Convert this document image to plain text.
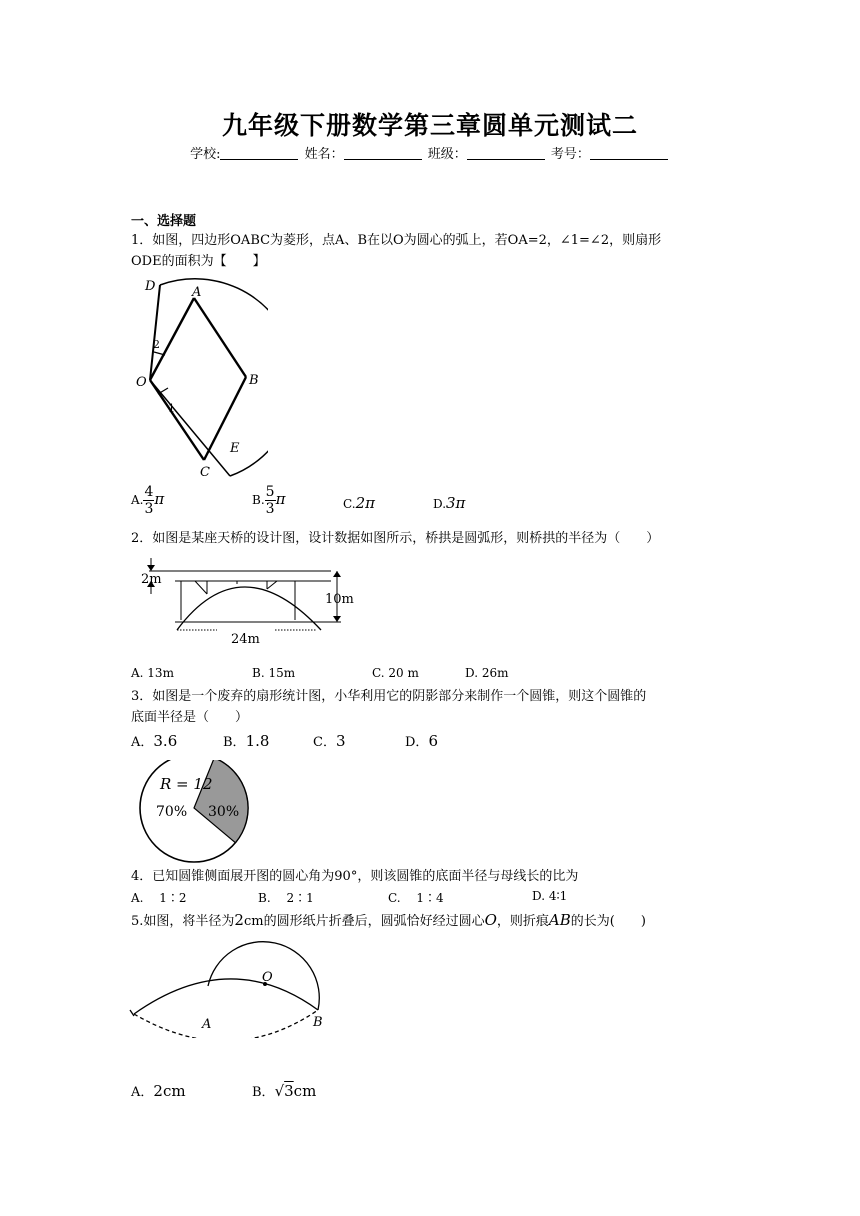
九年级下册数学第三章圆单元测试二
学校:	姓名：	班级：	考号：
一、选择题
1．如图，四边形OABC为菱形，点A、B在以O为圆心的弧上，若OA=2，∠1=∠2，则扇形
ODE的面积为【　　】
D	A
O	B
E
C
2
1
A. $\frac{4}{3}$ π	B. $\frac{5}{3}$ π	C.2π	D.3π
2．如图是某座天桥的设计图，设计数据如图所示，桥拱是圆弧形，则桥拱的半径为（　　）
2m
10m
24m
A. 13m	B. 15m	C. 20 m	D. 26m
3．如图是一个废弃的扇形统计图，小华利用它的阴影部分来制作一个圆锥，则这个圆锥的
底面半径是（　　）
A．3.6	B．1.8	C．3	D．6
R = 12
70% 30%
4．已知圆锥侧面展开图的圆心角为90°，则该圆锥的底面半径与母线长的比为
A.　 1∶2	B.　 2∶1	C.　 1∶4	D. 4∶1
5.如图，将半径为2cm的圆形纸片折叠后，圆弧恰好经过圆心O，则折痕AB的长为(　　)
O
A	B
A．2cm	B．√3cm
